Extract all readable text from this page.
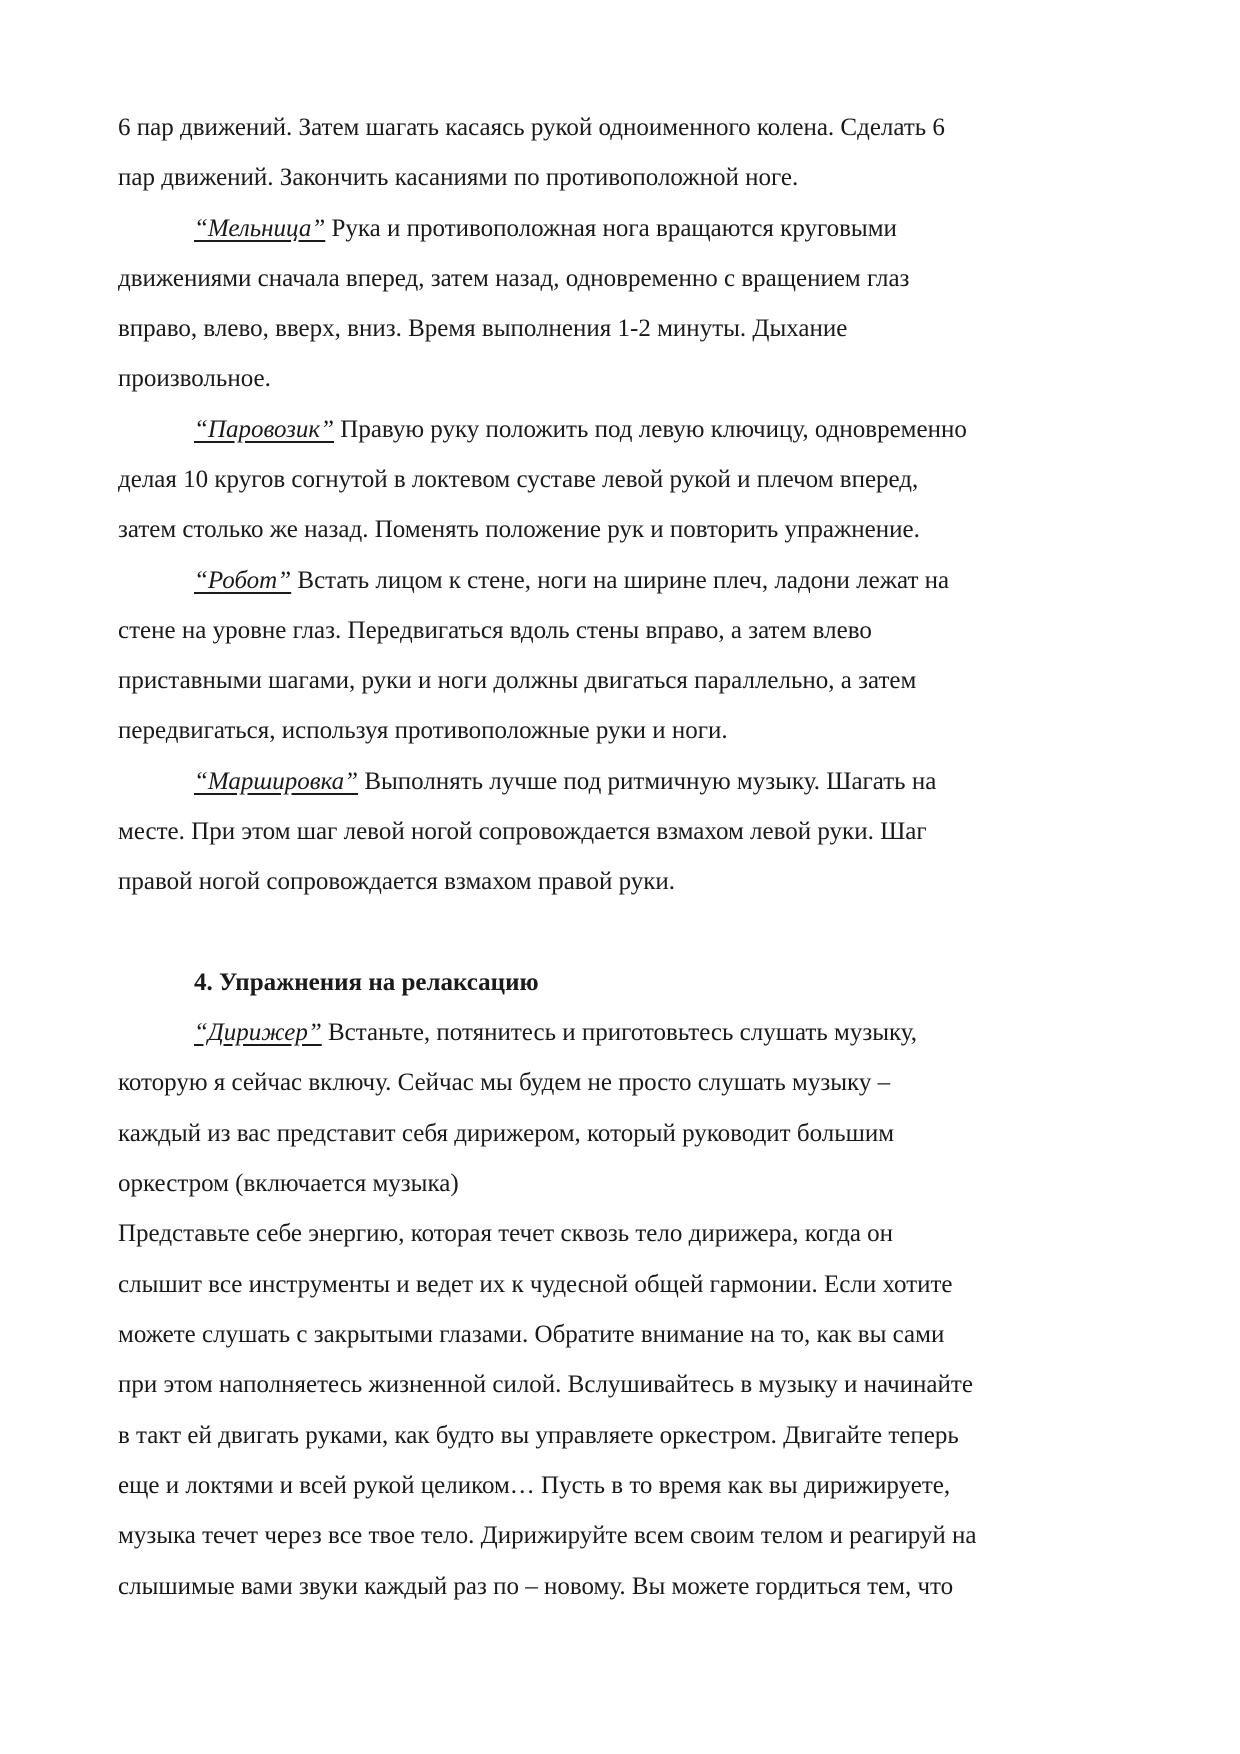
6 пар движений. Затем шагать касаясь рукой одноименного колена. Сделать 6
пар движений. Закончить касаниями по противоположной ноге.
“Мельница” Рука и противоположная нога вращаются круговыми
движениями сначала вперед, затем назад, одновременно с вращением глаз
вправо, влево, вверх, вниз. Время выполнения 1-2 минуты. Дыхание
произвольное.
“Паровозик” Правую руку положить под левую ключицу, одновременно
делая 10 кругов согнутой в локтевом суставе левой рукой и плечом вперед,
затем столько же назад. Поменять положение рук и повторить упражнение.
“Робот” Встать лицом к стене, ноги на ширине плеч, ладони лежат на
стене на уровне глаз. Передвигаться вдоль стены вправо, а затем влево
приставными шагами, руки и ноги должны двигаться параллельно, а затем
передвигаться, используя противоположные руки и ноги.
“Маршировка” Выполнять лучше под ритмичную музыку. Шагать на
месте. При этом шаг левой ногой сопровождается взмахом левой руки. Шаг
правой ногой сопровождается взмахом правой руки.
4. Упражнения на релаксацию
“Дирижер” Встаньте, потянитесь и приготовьтесь слушать музыку,
которую я сейчас включу. Сейчас мы будем не просто слушать музыку –
каждый из вас представит себя дирижером, который руководит большим
оркестром (включается музыка)
Представьте себе энергию, которая течет сквозь тело дирижера, когда он
слышит все инструменты и ведет их к чудесной общей гармонии. Если хотите
можете слушать с закрытыми глазами. Обратите внимание на то, как вы сами
при этом наполняетесь жизненной силой. Вслушивайтесь в музыку и начинайте
в такт ей двигать руками, как будто вы управляете оркестром. Двигайте теперь
еще и локтями и всей рукой целиком… Пусть в то время как вы дирижируете,
музыка течет через все твое тело. Дирижируйте всем своим телом и реагируй на
слышимые вами звуки каждый раз по – новому. Вы можете гордиться тем, что
